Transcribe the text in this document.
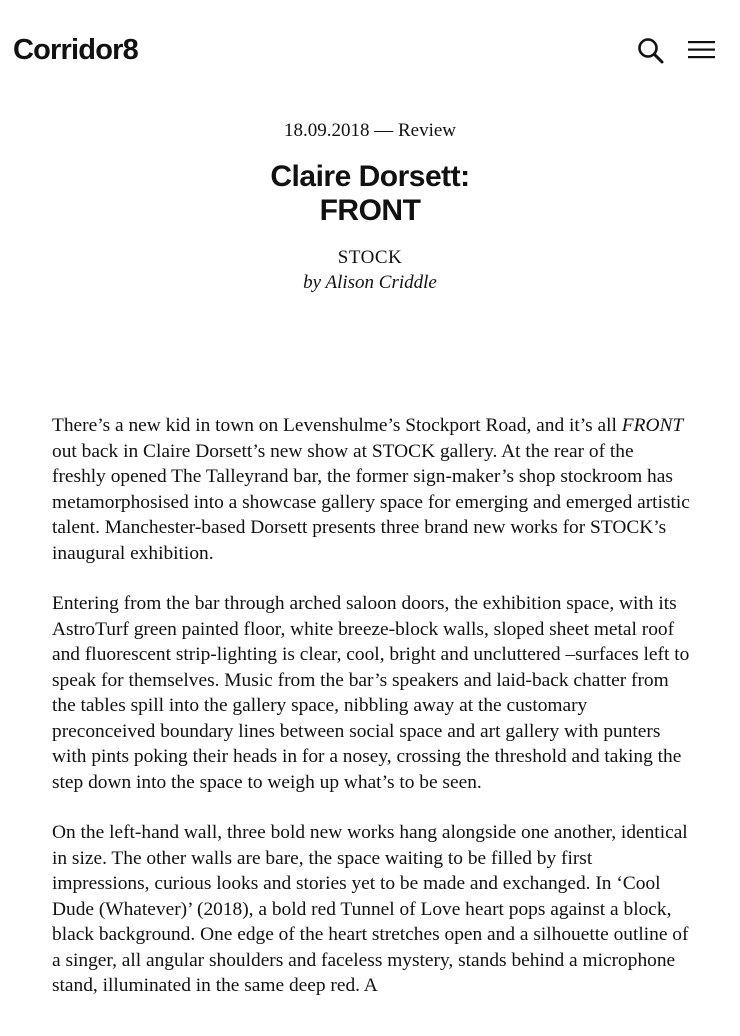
Corridor8
18.09.2018 — Review
Claire Dorsett:
FRONT
STOCK
by Alison Criddle

There’s a new kid in town on Levenshulme’s Stockport Road, and it’s all FRONT out back in Claire Dorsett’s new show at STOCK gallery. At the rear of the freshly opened The Talleyrand bar, the former sign-maker’s shop stockroom has metamorphosised into a showcase gallery space for emerging and emerged artistic talent. Manchester-based Dorsett presents three brand new works for STOCK’s inaugural exhibition.

Entering from the bar through arched saloon doors, the exhibition space, with its AstroTurf green painted floor, white breeze-block walls, sloped sheet metal roof and fluorescent strip-lighting is clear, cool, bright and uncluttered –surfaces left to speak for themselves. Music from the bar’s speakers and laid-back chatter from the tables spill into the gallery space, nibbling away at the customary preconceived boundary lines between social space and art gallery with punters with pints poking their heads in for a nosey, crossing the threshold and taking the step down into the space to weigh up what’s to be seen.

On the left-hand wall, three bold new works hang alongside one another, identical in size. The other walls are bare, the space waiting to be filled by first impressions, curious looks and stories yet to be made and exchanged. In ‘Cool Dude (Whatever)’ (2018), a bold red Tunnel of Love heart pops against a block, black background. One edge of the heart stretches open and a silhouette outline of a singer, all angular shoulders and faceless mystery, stands behind a microphone stand, illuminated in the same deep red. A
